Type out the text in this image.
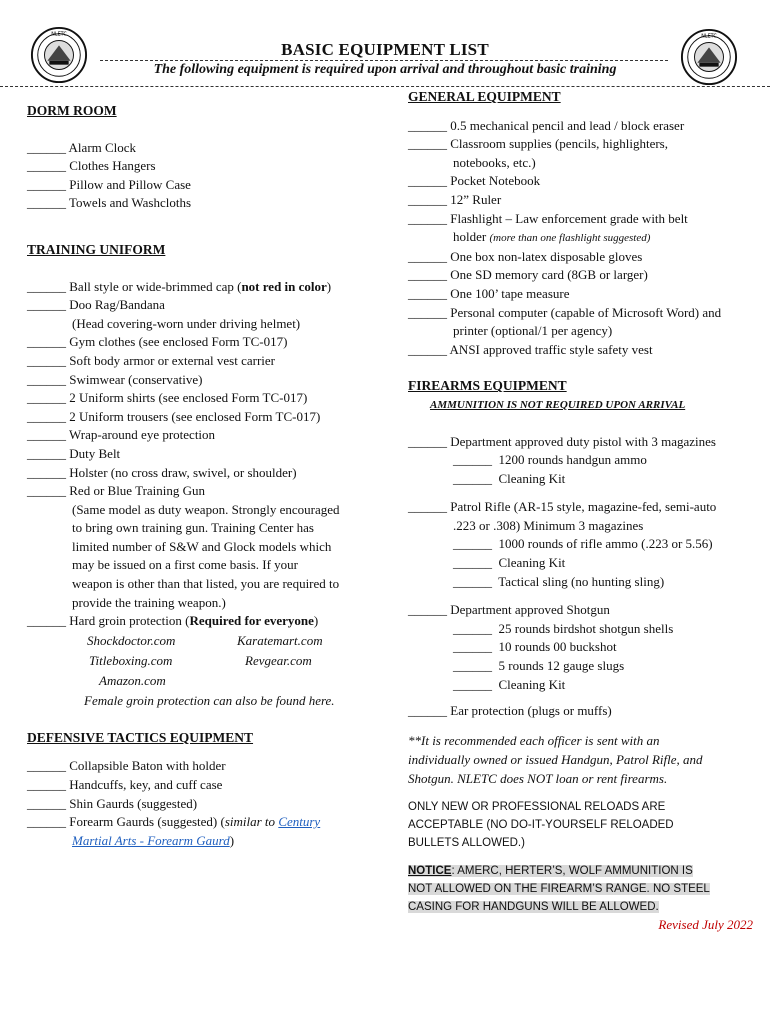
NLETC	NLETC
BASIC EQUIPMENT LIST
The following equipment is required upon arrival and throughout basic training
DORM ROOM
______ Alarm Clock
______ Clothes Hangers
______ Pillow and Pillow Case
______ Towels and Washcloths
TRAINING UNIFORM
______ Ball style or wide-brimmed cap (not red in color)
______ Doo Rag/Bandana
(Head covering-worn under driving helmet)
______ Gym clothes (see enclosed Form TC-017)
______ Soft body armor or external vest carrier
______ Swimwear (conservative)
______ 2 Uniform shirts (see enclosed Form TC-017)
______ 2 Uniform trousers (see enclosed Form TC-017)
______ Wrap-around eye protection
______ Duty Belt
______ Holster (no cross draw, swivel, or shoulder)
______ Red or Blue Training Gun
(Same model as duty weapon. Strongly encouraged
to bring own training gun. Training Center has
limited number of S&W and Glock models which
may be issued on a first come basis. If your
weapon is other than that listed, you are required to
provide the training weapon.)
______ Hard groin protection (Required for everyone)
Shockdoctor.com	Karatemart.com
Titleboxing.com	Revgear.com
Amazon.com
Female groin protection can also be found here.
DEFENSIVE TACTICS EQUIPMENT
______ Collapsible Baton with holder
______ Handcuffs, key, and cuff case
______ Shin Gaurds (suggested)
______ Forearm Gaurds (suggested) (similar to Century
Martial Arts - Forearm Gaurd)
GENERAL EQUIPMENT
______ 0.5 mechanical pencil and lead / block eraser
______ Classroom supplies (pencils, highlighters,
notebooks, etc.)
______ Pocket Notebook
______ 12” Ruler
______ Flashlight – Law enforcement grade with belt
holder (more than one flashlight suggested)
______ One box non-latex disposable gloves
______ One SD memory card (8GB or larger)
______ One 100’ tape measure
______ Personal computer (capable of Microsoft Word) and
printer (optional/1 per agency)
______ ANSI approved traffic style safety vest
FIREARMS EQUIPMENT
AMMUNITION IS NOT REQUIRED UPON ARRIVAL
______ Department approved duty pistol with 3 magazines
______ 1200 rounds handgun ammo
______ Cleaning Kit
______ Patrol Rifle (AR-15 style, magazine-fed, semi-auto
.223 or .308) Minimum 3 magazines
______ 1000 rounds of rifle ammo (.223 or 5.56)
______ Cleaning Kit
______ Tactical sling (no hunting sling)
______ Department approved Shotgun
______ 25 rounds birdshot shotgun shells
______ 10 rounds 00 buckshot
______ 5 rounds 12 gauge slugs
______ Cleaning Kit
______ Ear protection (plugs or muffs)
**It is recommended each officer is sent with an
individually owned or issued Handgun, Patrol Rifle, and
Shotgun. NLETC does NOT loan or rent firearms.
ONLY NEW OR PROFESSIONAL RELOADS ARE
ACCEPTABLE (NO DO-IT-YOURSELF RELOADED
BULLETS ALLOWED.)
NOTICE: AMERC, HERTER’S, WOLF AMMUNITION IS
NOT ALLOWED ON THE FIREARM’S RANGE. NO STEEL
CASING FOR HANDGUNS WILL BE ALLOWED.
Revised July 2022
